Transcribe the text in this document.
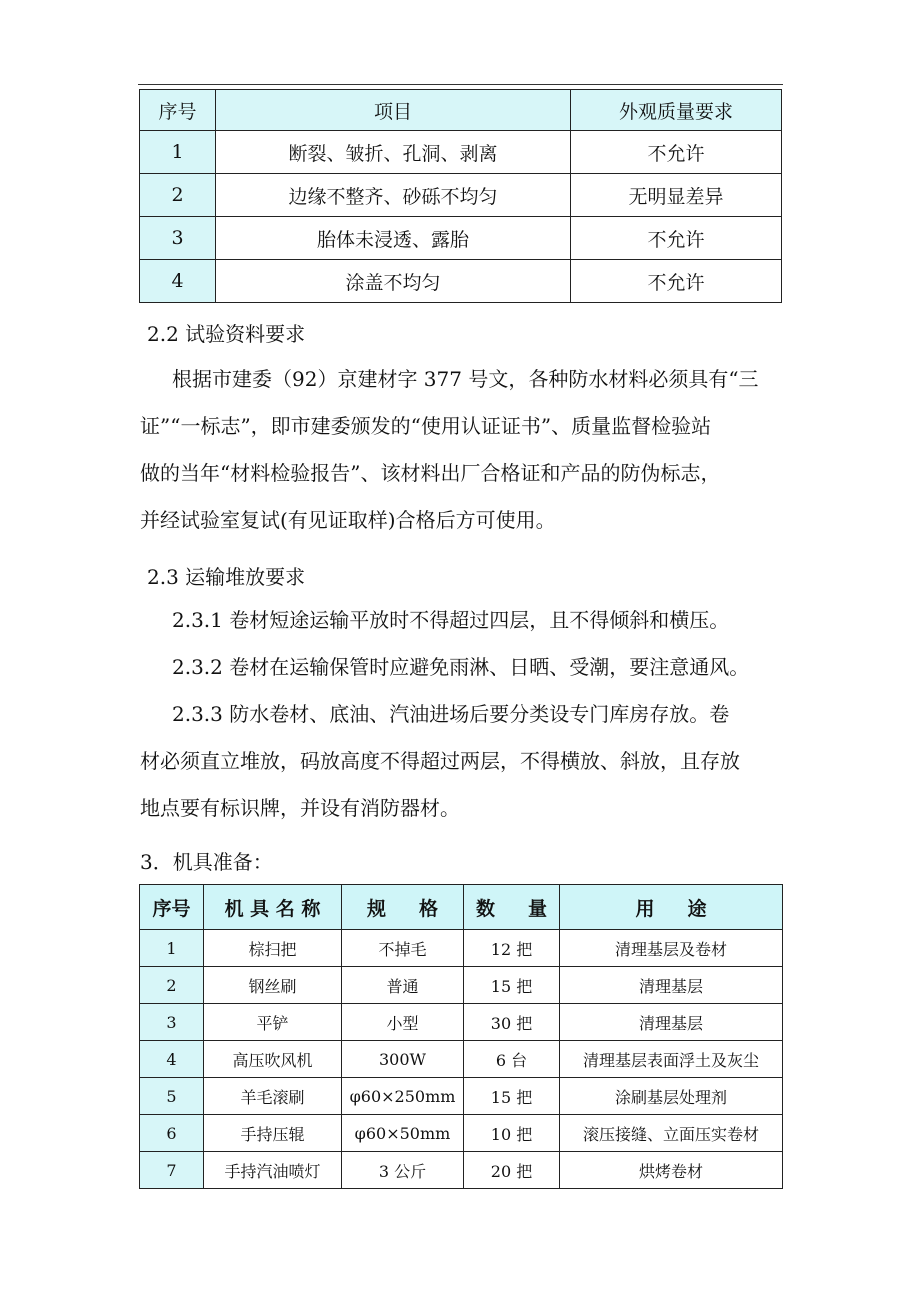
序号	项目	外观质量要求
1	断裂、皱折、孔洞、剥离	不允许
2	边缘不整齐、砂砾不均匀	无明显差异
3	胎体未浸透、露胎	不允许
4	涂盖不均匀	不允许

2.2 试验资料要求

根据市建委（92）京建材字 377 号文，各种防水材料必须具有“三
证”“一标志”，即市建委颁发的“使用认证证书”、质量监督检验站
做的当年“材料检验报告”、该材料出厂合格证和产品的防伪标志，
并经试验室复试(有见证取样)合格后方可使用。

2.3 运输堆放要求

2.3.1 卷材短途运输平放时不得超过四层，且不得倾斜和横压。
2.3.2 卷材在运输保管时应避免雨淋、日晒、受潮，要注意通风。
2.3.3 防水卷材、底油、汽油进场后要分类设专门库房存放。卷
材必须直立堆放，码放高度不得超过两层，不得横放、斜放，且存放
地点要有标识牌，并设有消防器材。

3．机具准备：

序号	机 具 名 称	规     格	数     量	用     途
1	棕扫把	不掉毛	12 把	清理基层及卷材
2	钢丝刷	普通	15 把	清理基层
3	平铲	小型	30 把	清理基层
4	高压吹风机	300W	6 台	清理基层表面浮土及灰尘
5	羊毛滚刷	φ60×250mm	15 把	涂刷基层处理剂
6	手持压辊	φ60×50mm	10 把	滚压接缝、立面压实卷材
7	手持汽油喷灯	3 公斤	20 把	烘烤卷材
